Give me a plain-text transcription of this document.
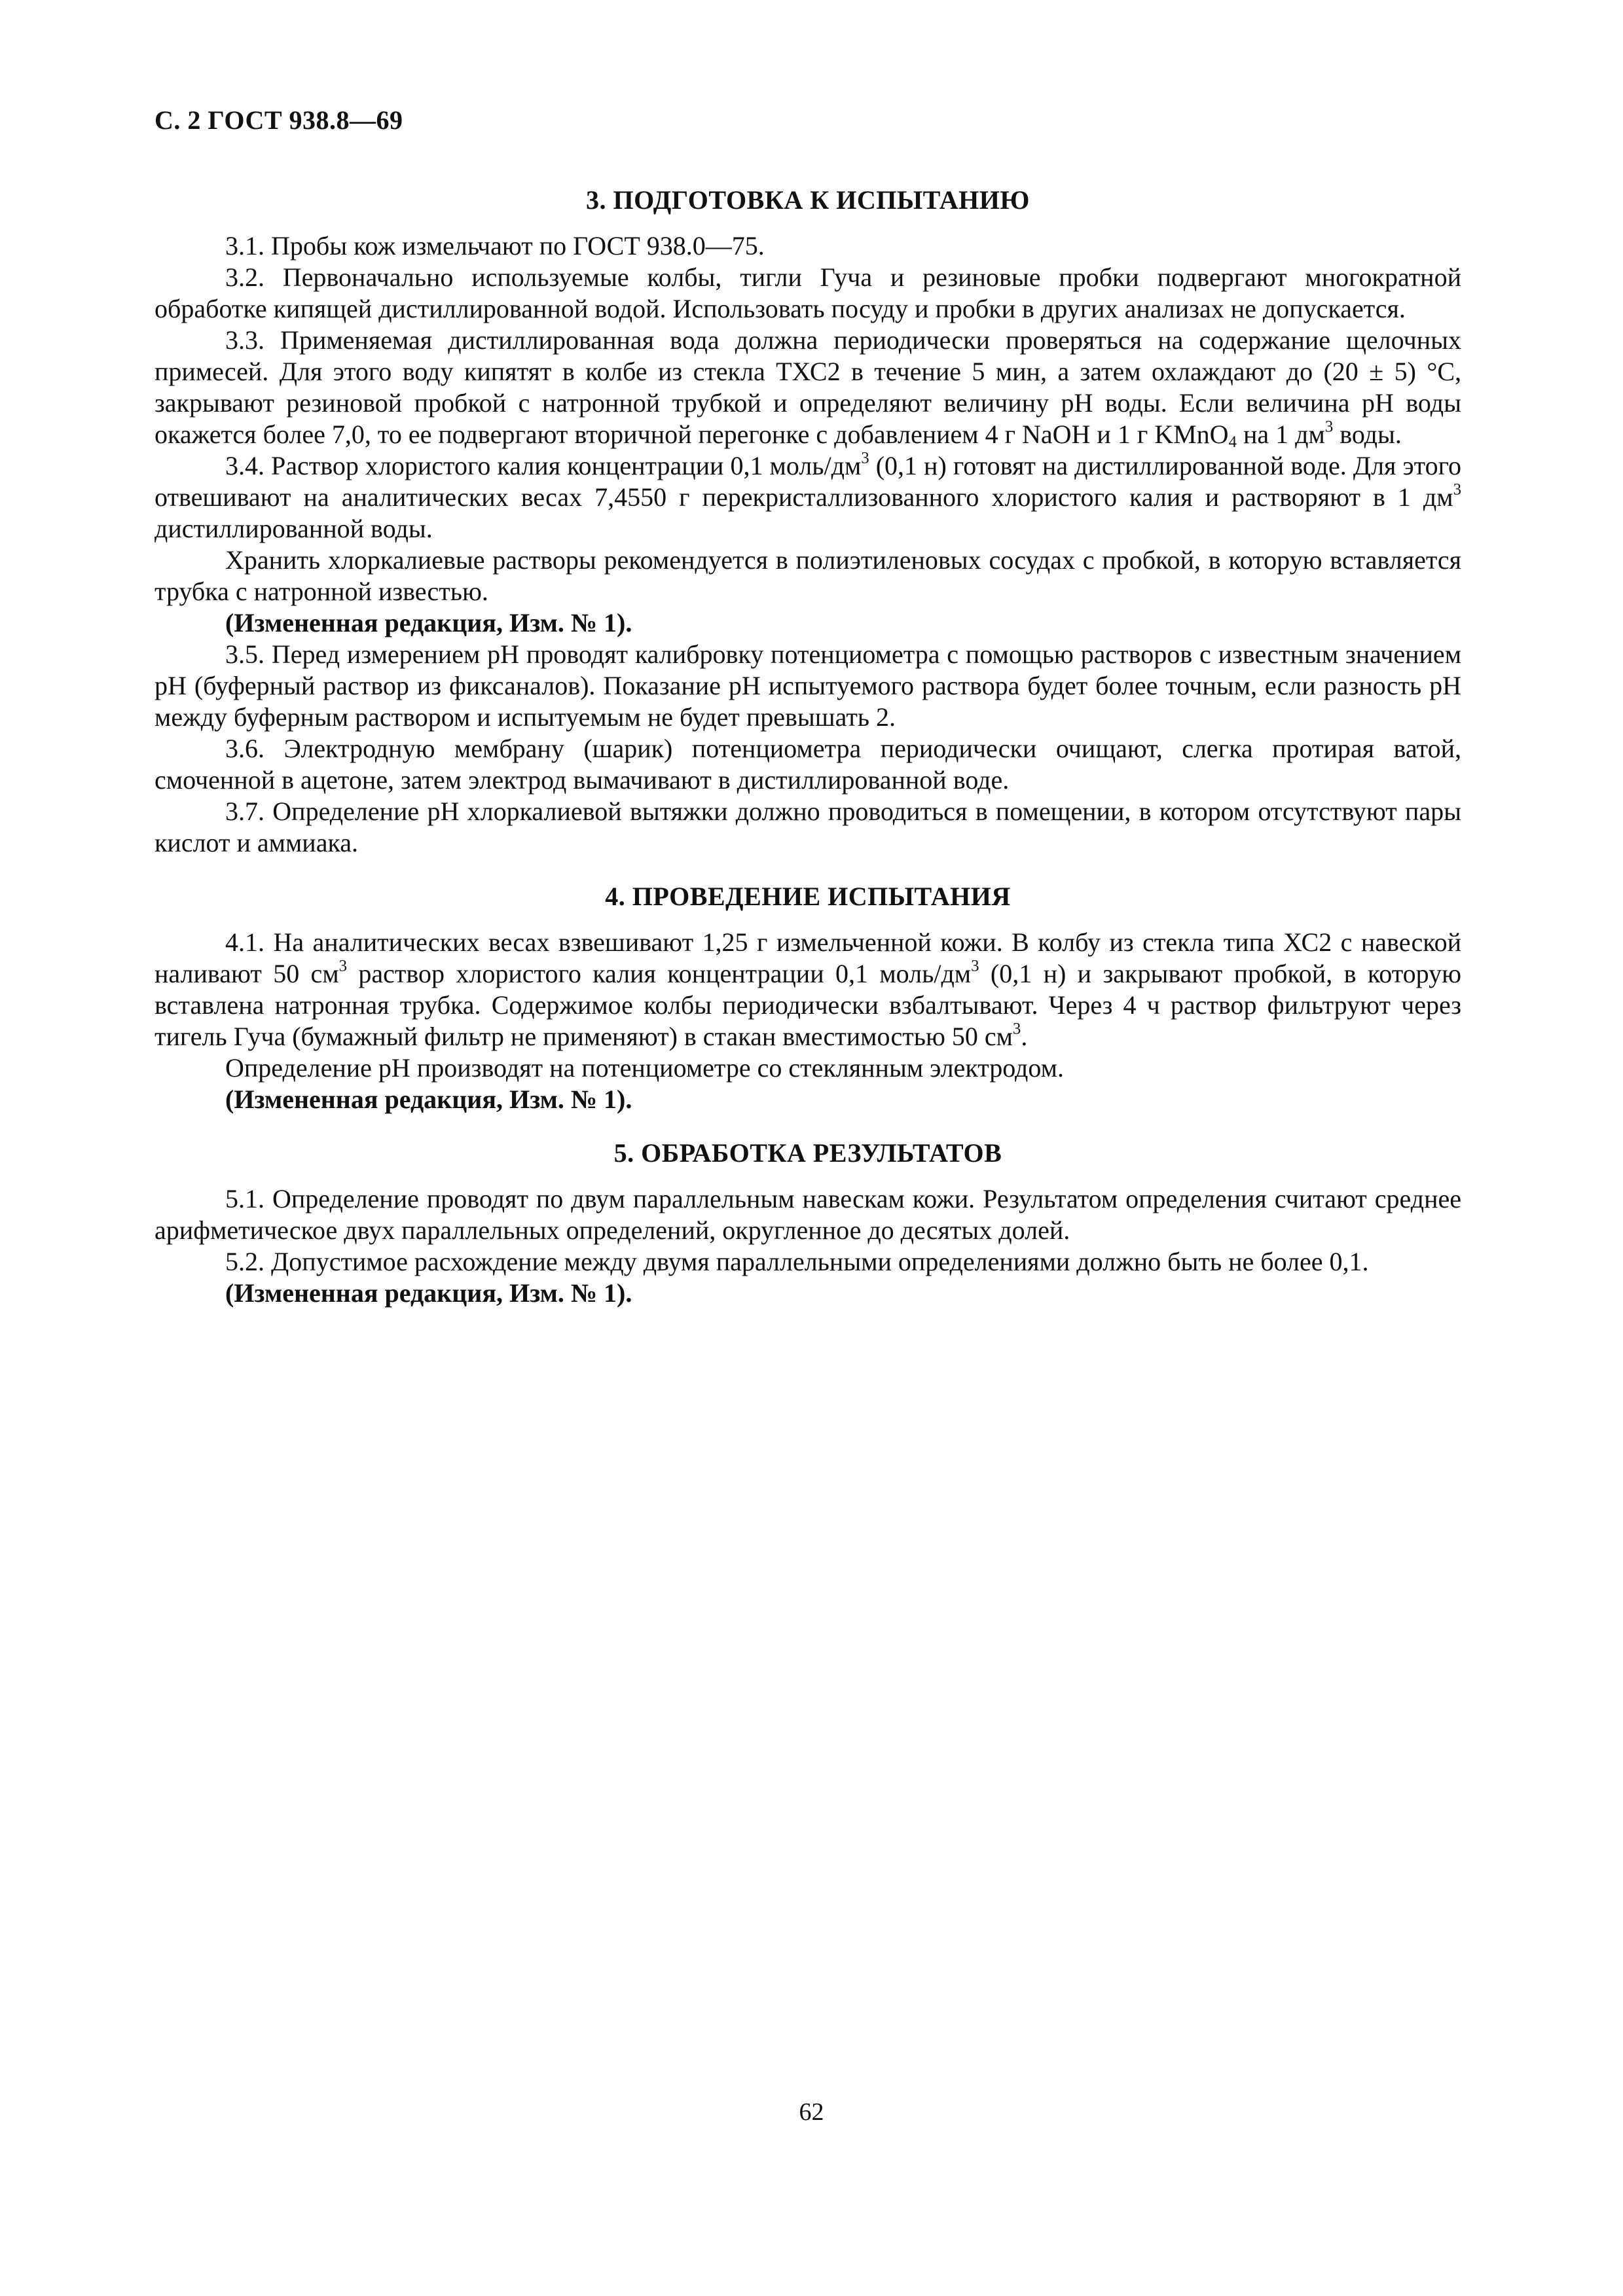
С. 2 ГОСТ 938.8—69
3. ПОДГОТОВКА К ИСПЫТАНИЮ

3.1. Пробы кож измельчают по ГОСТ 938.0—75.

3.2. Первоначально используемые колбы, тигли Гуча и резиновые пробки подвергают многократной обработке кипящей дистиллированной водой. Использовать посуду и пробки в других анализах не допускается.

3.3. Применяемая дистиллированная вода должна периодически проверяться на содержание щелочных примесей. Для этого воду кипятят в колбе из стекла ТХС2 в течение 5 мин, а затем охлаждают до (20 ± 5) °С, закрывают резиновой пробкой с натронной трубкой и определяют величину рН воды. Если величина рН воды окажется более 7,0, то ее подвергают вторичной перегонке с добавлением 4 г NaOH и 1 г KMnO$_4$ на 1 $дм^3$ воды.

3.4. Раствор хлористого калия концентрации 0,1 моль/$дм^3$ (0,1 н) готовят на дистиллированной воде. Для этого отвешивают на аналитических весах 7,4550 г перекристаллизованного хлористого калия и растворяют в 1 $дм^3$ дистиллированной воды.

Хранить хлоркалиевые растворы рекомендуется в полиэтиленовых сосудах с пробкой, в которую вставляется трубка с натронной известью.

(Измененная редакция, Изм. № 1).

3.5. Перед измерением рН проводят калибровку потенциометра с помощью растворов с известным значением рН (буферный раствор из фиксаналов). Показание рН испытуемого раствора будет более точным, если разность рН между буферным раствором и испытуемым не будет превышать 2.

3.6. Электродную мембрану (шарик) потенциометра периодически очищают, слегка протирая ватой, смоченной в ацетоне, затем электрод вымачивают в дистиллированной воде.

3.7. Определение рН хлоркалиевой вытяжки должно проводиться в помещении, в котором отсутствуют пары кислот и аммиака.

4. ПРОВЕДЕНИЕ ИСПЫТАНИЯ

4.1. На аналитических весах взвешивают 1,25 г измельченной кожи. В колбу из стекла типа ХС2 с навеской наливают 50 $см^3$ раствор хлористого калия концентрации 0,1 моль/$дм^3$ (0,1 н) и закрывают пробкой, в которую вставлена натронная трубка. Содержимое колбы периодически взбалтывают. Через 4 ч раствор фильтруют через тигель Гуча (бумажный фильтр не применяют) в стакан вместимостью 50 $см^3$.

Определение рН производят на потенциометре со стеклянным электродом.

(Измененная редакция, Изм. № 1).

5. ОБРАБОТКА РЕЗУЛЬТАТОВ

5.1. Определение проводят по двум параллельным навескам кожи. Результатом определения считают среднее арифметическое двух параллельных определений, округленное до десятых долей.

5.2. Допустимое расхождение между двумя параллельными определениями должно быть не более 0,1.

(Измененная редакция, Изм. № 1).

62
